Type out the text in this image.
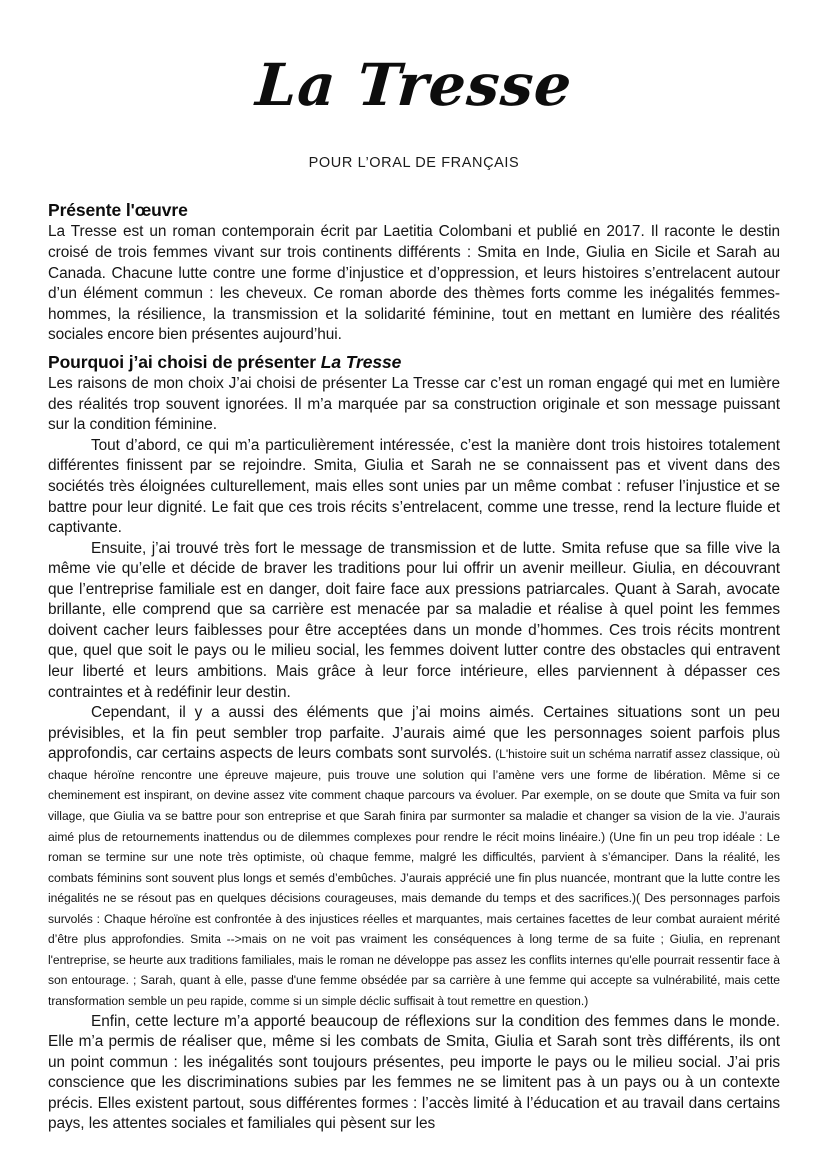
La Tresse

POUR L’ORAL DE FRANÇAIS

Présente l'œuvre

La Tresse est un roman contemporain écrit par Laetitia Colombani et publié en 2017. Il raconte le destin croisé de trois femmes vivant sur trois continents différents : Smita en Inde, Giulia en Sicile et Sarah au Canada. Chacune lutte contre une forme d’injustice et d’oppression, et leurs histoires s’entrelacent autour d’un élément commun : les cheveux. Ce roman aborde des thèmes forts comme les inégalités femmes-hommes, la résilience, la transmission et la solidarité féminine, tout en mettant en lumière des réalités sociales encore bien présentes aujourd’hui.

Pourquoi j’ai choisi de présenter La Tresse

Les raisons de mon choix J’ai choisi de présenter La Tresse car c’est un roman engagé qui met en lumière des réalités trop souvent ignorées. Il m’a marquée par sa construction originale et son message puissant sur la condition féminine.

Tout d’abord, ce qui m’a particulièrement intéressée, c’est la manière dont trois histoires totalement différentes finissent par se rejoindre. Smita, Giulia et Sarah ne se connaissent pas et vivent dans des sociétés très éloignées culturellement, mais elles sont unies par un même combat : refuser l’injustice et se battre pour leur dignité. Le fait que ces trois récits s’entrelacent, comme une tresse, rend la lecture fluide et captivante.

Ensuite, j’ai trouvé très fort le message de transmission et de lutte. Smita refuse que sa fille vive la même vie qu’elle et décide de braver les traditions pour lui offrir un avenir meilleur. Giulia, en découvrant que l’entreprise familiale est en danger, doit faire face aux pressions patriarcales. Quant à Sarah, avocate brillante, elle comprend que sa carrière est menacée par sa maladie et réalise à quel point les femmes doivent cacher leurs faiblesses pour être acceptées dans un monde d’hommes. Ces trois récits montrent que, quel que soit le pays ou le milieu social, les femmes doivent lutter contre des obstacles qui entravent leur liberté et leurs ambitions. Mais grâce à leur force intérieure, elles parviennent à dépasser ces contraintes et à redéfinir leur destin.

Cependant, il y a aussi des éléments que j’ai moins aimés. Certaines situations sont un peu prévisibles, et la fin peut sembler trop parfaite. J’aurais aimé que les personnages soient parfois plus approfondis, car certains aspects de leurs combats sont survolés. (L'histoire suit un schéma narratif assez classique, où chaque héroïne rencontre une épreuve majeure, puis trouve une solution qui l’amène vers une forme de libération. Même si ce cheminement est inspirant, on devine assez vite comment chaque parcours va évoluer. Par exemple, on se doute que Smita va fuir son village, que Giulia va se battre pour son entreprise et que Sarah finira par surmonter sa maladie et changer sa vision de la vie. J’aurais aimé plus de retournements inattendus ou de dilemmes complexes pour rendre le récit moins linéaire.) (Une fin un peu trop idéale : Le roman se termine sur une note très optimiste, où chaque femme, malgré les difficultés, parvient à s’émanciper. Dans la réalité, les combats féminins sont souvent plus longs et semés d’embûches. J’aurais apprécié une fin plus nuancée, montrant que la lutte contre les inégalités ne se résout pas en quelques décisions courageuses, mais demande du temps et des sacrifices.)( Des personnages parfois survolés : Chaque héroïne est confrontée à des injustices réelles et marquantes, mais certaines facettes de leur combat auraient mérité d’être plus approfondies. Smita -->mais on ne voit pas vraiment les conséquences à long terme de sa fuite ; Giulia, en reprenant l'entreprise, se heurte aux traditions familiales, mais le roman ne développe pas assez les conflits internes qu'elle pourrait ressentir face à son entourage. ; Sarah, quant à elle, passe d'une femme obsédée par sa carrière à une femme qui accepte sa vulnérabilité, mais cette transformation semble un peu rapide, comme si un simple déclic suffisait à tout remettre en question.)

Enfin, cette lecture m’a apporté beaucoup de réflexions sur la condition des femmes dans le monde. Elle m’a permis de réaliser que, même si les combats de Smita, Giulia et Sarah sont très différents, ils ont un point commun : les inégalités sont toujours présentes, peu importe le pays ou le milieu social. J’ai pris conscience que les discriminations subies par les femmes ne se limitent pas à un pays ou à un contexte précis. Elles existent partout, sous différentes formes : l’accès limité à l’éducation et au travail dans certains pays, les attentes sociales et familiales qui pèsent sur les
